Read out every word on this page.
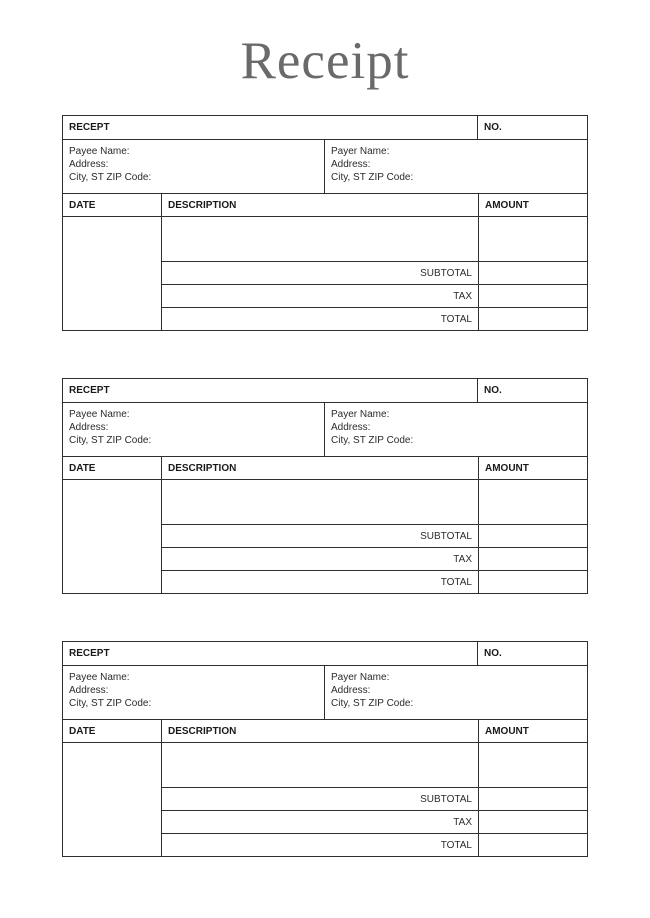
Receipt
RECEPT	NO.
Payee Name:
Address:
City, ST ZIP Code:
Payer Name:
Address:
City, ST ZIP Code:
DATE	DESCRIPTION	AMOUNT
SUBTOTAL
TAX
TOTAL
RECEPT	NO.
Payee Name:
Address:
City, ST ZIP Code:
Payer Name:
Address:
City, ST ZIP Code:
DATE	DESCRIPTION	AMOUNT
SUBTOTAL
TAX
TOTAL
RECEPT	NO.
Payee Name:
Address:
City, ST ZIP Code:
Payer Name:
Address:
City, ST ZIP Code:
DATE	DESCRIPTION	AMOUNT
SUBTOTAL
TAX
TOTAL
